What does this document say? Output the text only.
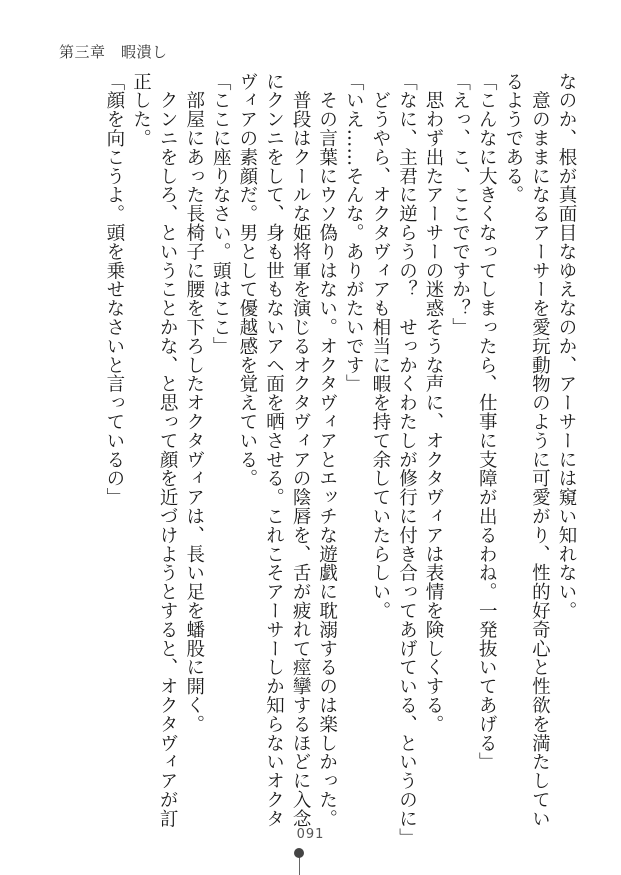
第三章　暇潰し
なのか、根が真面目なゆえなのか、アーサーには窺い知れない。
　意のままになるアーサーを愛玩動物のように可愛がり、性的好奇心と性欲を満たしてい
るようである。
「こんなに大きくなってしまったら、仕事に支障が出るわね。一発抜いてあげる」
「えっ、こ、ここでですか？」
　思わず出たアーサーの迷惑そうな声に、オクタヴィアは表情を険しくする。
「なに、主君に逆らうの？　せっかくわたしが修行に付き合ってあげている、というのに」
　どうやら、オクタヴィアも相当に暇を持て余していたらしい。
「いえ……そんな。ありがたいです」
　その言葉にウソ偽りはない。オクタヴィアとエッチな遊戯に耽溺するのは楽しかった。
　普段はクールな姫将軍を演じるオクタヴィアの陰唇を、舌が疲れて痙攣するほどに入念
にクンニをして、身も世もないアヘ面を晒させる。これこそアーサーしか知らないオクタ
ヴィアの素顔だ。男として優越感を覚えている。
「ここに座りなさい。頭はここ」
　部屋にあった長椅子に腰を下ろしたオクタヴィアは、長い足を蟠股に開く。
　クンニをしろ、ということかな、と思って顔を近づけようとすると、オクタヴィアが訂
正した。
「顔を向こうよ。頭を乗せなさいと言っているの」
091
